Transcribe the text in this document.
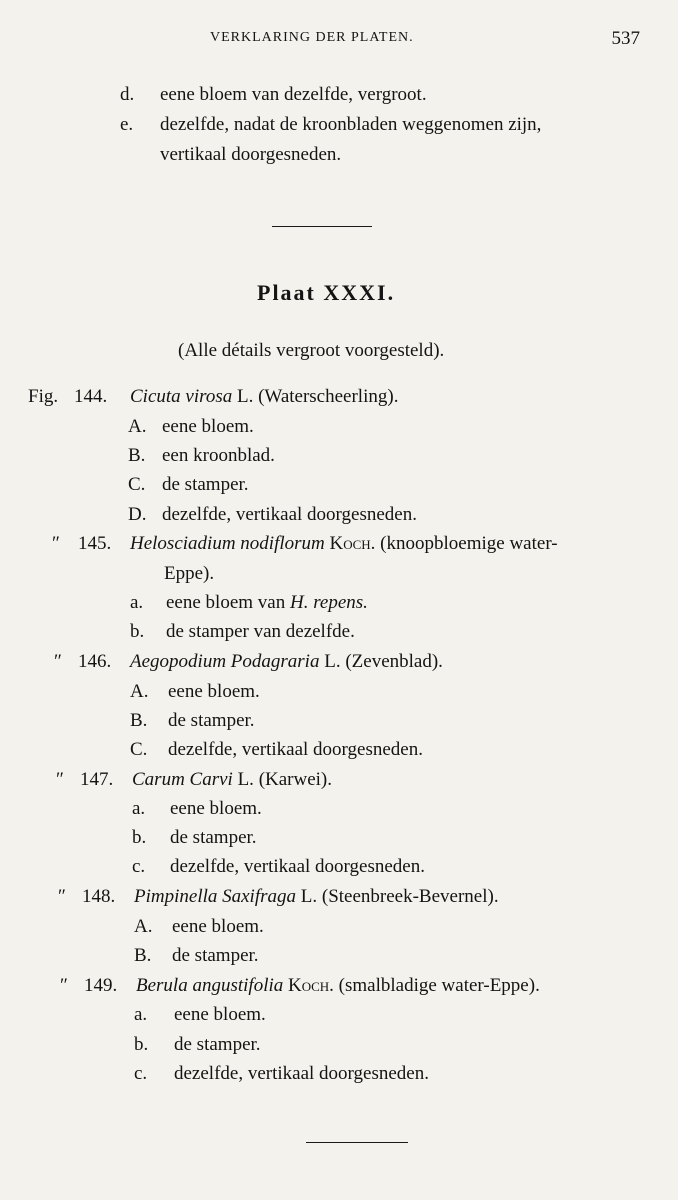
VERKLARING DER PLATEN.	537
d. eene bloem van dezelfde, vergroot.
e. dezelfde, nadat de kroonbladen weggenomen zijn,
vertikaal doorgesneden.
Plaat XXXI.
(Alle détails vergroot voorgesteld).
Fig. 144. Cicuta virosa L. (Waterscheerling).
A. eene bloem.
B. een kroonblad.
C. de stamper.
D. dezelfde, vertikaal doorgesneden.
″ 145. Helosciadium nodiflorum Koch. (knoopbloemige water-
Eppe).
a. eene bloem van H. repens.
b. de stamper van dezelfde.
″ 146. Aegopodium Podagraria L. (Zevenblad).
A. eene bloem.
B. de stamper.
C. dezelfde, vertikaal doorgesneden.
″ 147. Carum Carvi L. (Karwei).
a. eene bloem.
b. de stamper.
c. dezelfde, vertikaal doorgesneden.
″ 148. Pimpinella Saxifraga L. (Steenbreek-Bevernel).
A. eene bloem.
B. de stamper.
″ 149. Berula angustifolia Koch. (smalbladige water-Eppe).
a. eene bloem.
b. de stamper.
c. dezelfde, vertikaal doorgesneden.
